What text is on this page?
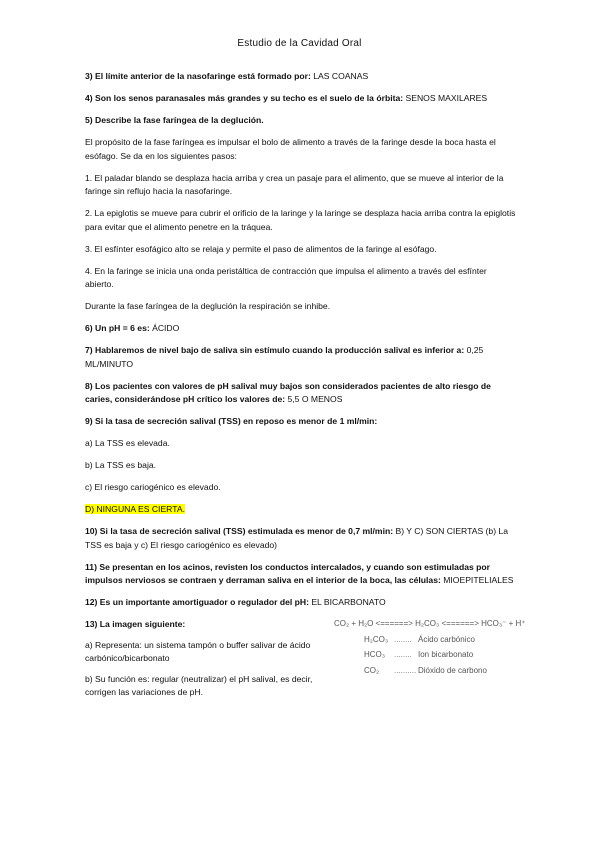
Estudio de la Cavidad Oral

3) El límite anterior de la nasofaringe está formado por: LAS COANAS

4) Son los senos paranasales más grandes y su techo es el suelo de la órbita: SENOS MAXILARES

5) Describe la fase faríngea de la deglución.

El propósito de la fase faríngea es impulsar el bolo de alimento a través de la faringe desde la boca hasta el esófago. Se da en los siguientes pasos:

1. El paladar blando se desplaza hacia arriba y crea un pasaje para el alimento, que se mueve al interior de la faringe sin reflujo hacia la nasofaringe.

2. La epiglotis se mueve para cubrir el orificio de la laringe y la laringe se desplaza hacia arriba contra la epiglotis para evitar que el alimento penetre en la tráquea.

3. El esfínter esofágico alto se relaja y permite el paso de alimentos de la faringe al esófago.

4. En la faringe se inicia una onda peristáltica de contracción que impulsa el alimento a través del esfínter abierto.

Durante la fase faríngea de la deglución la respiración se inhibe.

6) Un pH = 6 es: ÁCIDO

7) Hablaremos de nivel bajo de saliva sin estímulo cuando la producción salival es inferior a: 0,25 ML/MINUTO

8) Los pacientes con valores de pH salival muy bajos son considerados pacientes de alto riesgo de caries, considerándose pH crítico los valores de: 5,5 O MENOS

9) Si la tasa de secreción salival (TSS) en reposo es menor de 1 ml/min:

a) La TSS es elevada.

b) La TSS es baja.

c) El riesgo cariogénico es elevado.

D) NINGUNA ES CIERTA.

10) Si la tasa de secreción salival (TSS) estimulada es menor de 0,7 ml/min: B) Y C) SON CIERTAS (b) La TSS es baja y c) El riesgo cariogénico es elevado)

11) Se presentan en los acinos, revisten los conductos intercalados, y cuando son estimuladas por impulsos nerviosos se contraen y derraman saliva en el interior de la boca, las células: MIOEPITELIALES

12) Es un importante amortiguador o regulador del pH: EL BICARBONATO

13) La imagen siguiente:

a) Representa: un sistema tampón o buffer salivar de ácido carbónico/bicarbonato

b) Su función es: regular (neutralizar) el pH salival, es decir, corrigen las variaciones de pH.

CO₂ + H₂O <======> H₂CO₃ <======> HCO₃⁻ + H⁺
H₂CO₃ ........ Ácido carbónico
HCO₃ ........ Ion bicarbonato
CO₂ .......... Dióxido de carbono
